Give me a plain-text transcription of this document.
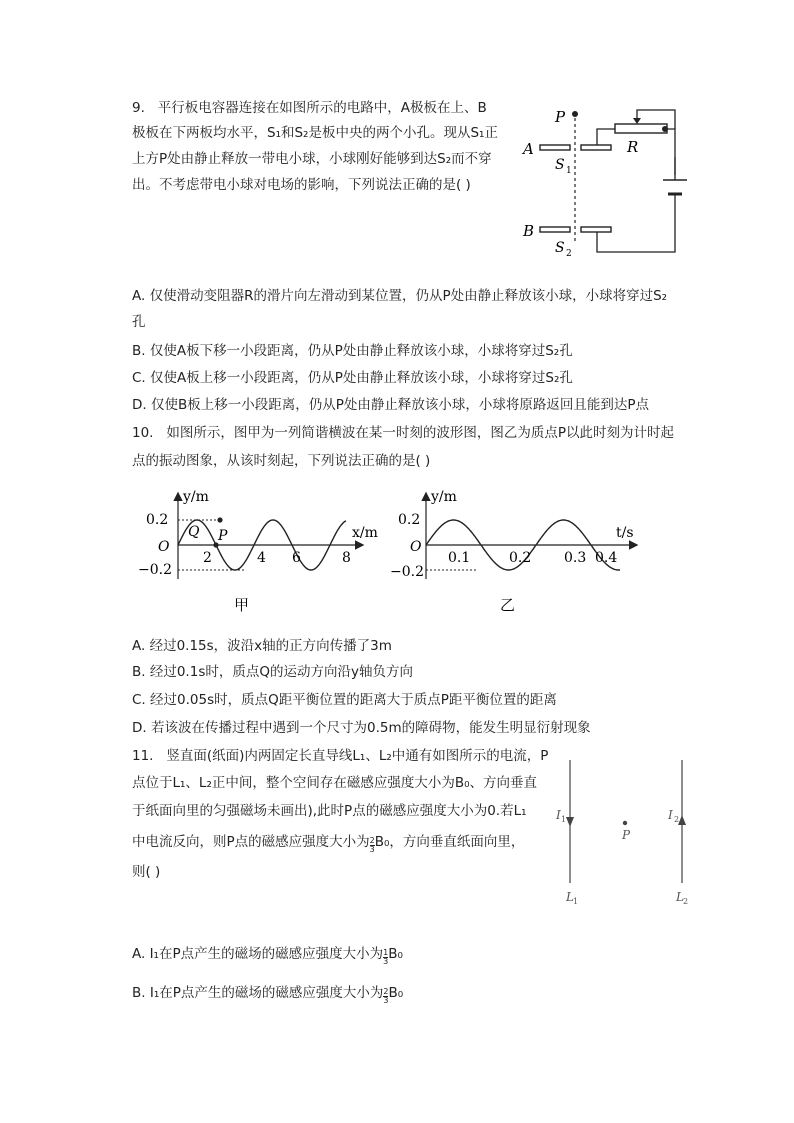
9. 平行板电容器连接在如图所示的电路中，A极板在上、B
极板在下两板均水平，S₁和S₂是板中央的两个小孔。现从S₁正
上方P处由静止释放一带电小球，小球刚好能够到达S₂而不穿
出。不考虑带电小球对电场的影响，下列说法正确的是( )
P
A
S 1
B
S 2
R
A. 仅使滑动变阻器R的滑片向左滑动到某位置，仍从P处由静止释放该小球，小球将穿过S₂
孔
B. 仅使A板下移一小段距离，仍从P处由静止释放该小球，小球将穿过S₂孔
C. 仅使A板上移一小段距离，仍从P处由静止释放该小球，小球将穿过S₂孔
D. 仅使B板上移一小段距离，仍从P处由静止释放该小球，小球将原路返回且能到达P点
10. 如图所示，图甲为一列简谐横波在某一时刻的波形图，图乙为质点P以此时刻为计时起
点的振动图象，从该时刻起，下列说法正确的是( )
y/m
x/m
O
0.2
−0.2
Q P
2	4 6	8
甲
y/m
t/s
O
0.2
−0.2
0.1	0.2 0.3 0.4
乙
A. 经过0.15s，波沿x轴的正方向传播了3m
B. 经过0.1s时，质点Q的运动方向沿y轴负方向
C. 经过0.05s时，质点Q距平衡位置的距离大于质点P距平衡位置的距离
D. 若该波在传播过程中遇到一个尺寸为0.5m的障碍物，能发生明显衍射现象
11. 竖直面(纸面)内两固定长直导线L₁、L₂中通有如图所示的电流，P
点位于L₁、L₂正中间，整个空间存在磁感应强度大小为B₀、方向垂直
于纸面向里的匀强磁场未画出),此时P点的磁感应强度大小为0.若L₁
中电流反向，则P点的磁感应强度大小为 $\frac{2}{3} B_0$，方向垂直纸面向里，
则( )
I 1	I 2
P
L 1	L 2
A. I₁在P点产生的磁场的磁感应强度大小为 $\frac{1}{3} B_0$
B. I₁在P点产生的磁场的磁感应强度大小为 $\frac{2}{3} B_0$
